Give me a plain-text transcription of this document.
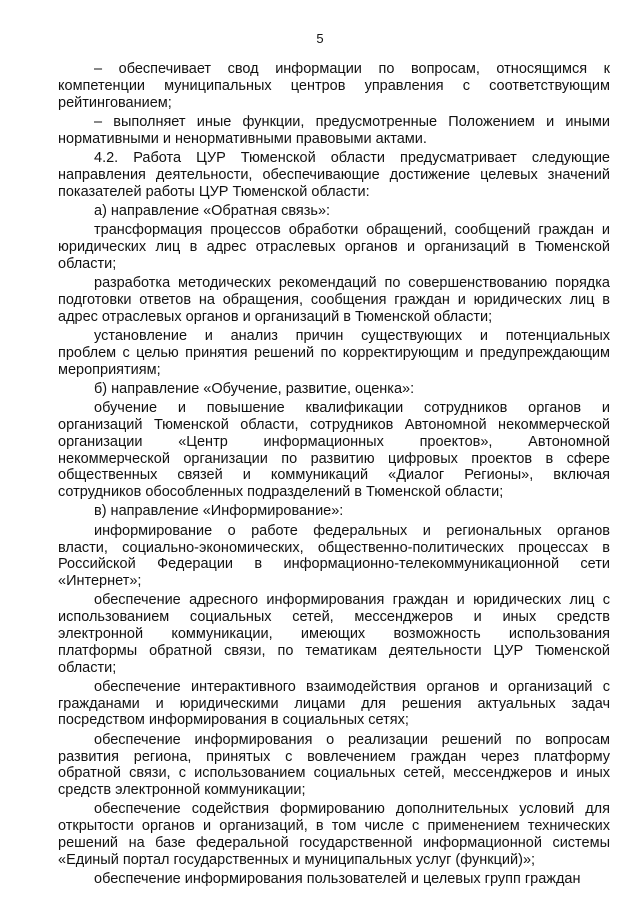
5
– обеспечивает свод информации по вопросам, относящимся к
компетенции муниципальных центров управления с соответствующим
рейтингованием;
– выполняет иные функции, предусмотренные Положением и иными
нормативными и ненормативными правовыми актами.
4.2. Работа ЦУР Тюменской области предусматривает следующие
направления деятельности, обеспечивающие достижение целевых значений
показателей работы ЦУР Тюменской области:
а) направление «Обратная связь»:
трансформация процессов обработки обращений, сообщений граждан и
юридических лиц в адрес отраслевых органов и организаций в Тюменской
области;
разработка методических рекомендаций по совершенствованию порядка
подготовки ответов на обращения, сообщения граждан и юридических лиц в
адрес отраслевых органов и организаций в Тюменской области;
установление и анализ причин существующих и потенциальных
проблем с целью принятия решений по корректирующим и предупреждающим
мероприятиям;
б) направление «Обучение, развитие, оценка»:
обучение и повышение квалификации сотрудников органов и
организаций Тюменской области, сотрудников Автономной некоммерческой
организации «Центр информационных проектов», Автономной
некоммерческой организации по развитию цифровых проектов в сфере
общественных связей и коммуникаций «Диалог Регионы», включая
сотрудников обособленных подразделений в Тюменской области;
в) направление «Информирование»:
информирование о работе федеральных и региональных органов
власти, социально-экономических, общественно-политических процессах в
Российской Федерации в информационно-телекоммуникационной сети
«Интернет»;
обеспечение адресного информирования граждан и юридических лиц с
использованием социальных сетей, мессенджеров и иных средств
электронной коммуникации, имеющих возможность использования
платформы обратной связи, по тематикам деятельности ЦУР Тюменской
области;
обеспечение интерактивного взаимодействия органов и организаций с
гражданами и юридическими лицами для решения актуальных задач
посредством информирования в социальных сетях;
обеспечение информирования о реализации решений по вопросам
развития региона, принятых с вовлечением граждан через платформу
обратной связи, с использованием социальных сетей, мессенджеров и иных
средств электронной коммуникации;
обеспечение содействия формированию дополнительных условий для
открытости органов и организаций, в том числе с применением технических
решений на базе федеральной государственной информационной системы
«Единый портал государственных и муниципальных услуг (функций)»;
обеспечение информирования пользователей и целевых групп граждан
